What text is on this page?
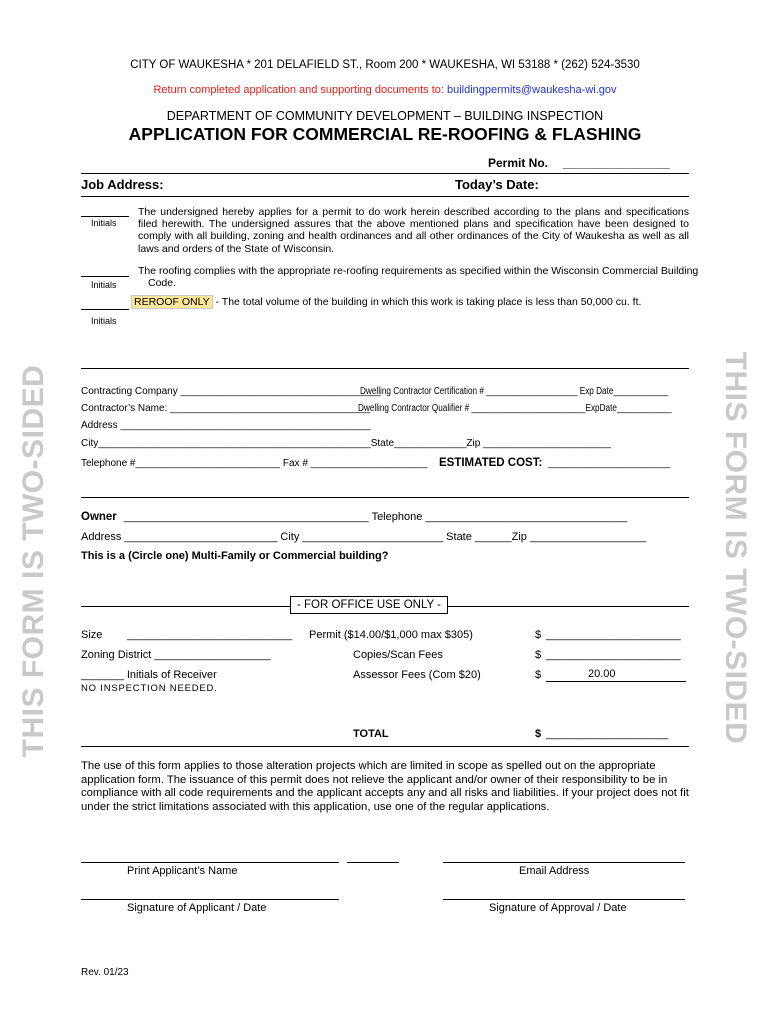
CITY OF WAUKESHA * 201 DELAFIELD ST., Room 200 * WAUKESHA, WI 53188 * (262) 524-3530
Return completed application and supporting documents to: buildingpermits@waukesha-wi.gov
DEPARTMENT OF COMMUNITY DEVELOPMENT – BUILDING INSPECTION
APPLICATION FOR COMMERCIAL RE-ROOFING & FLASHING
Permit No. ________________
Job Address:	Today’s Date:
Initials
The undersigned hereby applies for a permit to do work herein described according to the plans and specifications filed herewith. The undersigned assures that the above mentioned plans and specification have been designed to comply with all building, zoning and health ordinances and all other ordinances of the City of Waukesha as well as all laws and orders of the State of Wisconsin.
Initials
The roofing complies with the appropriate re-roofing requirements as specified within the Wisconsin Commercial Building
Code.
REROOF ONLY - The total volume of the building in which this work is taking place is less than 50,000 cu. ft.
Initials
THIS FORM IS TWO-SIDED	THIS FORM IS TWO-SIDED
Contracting Company ____________________________________
Dwelling Contractor Certification # ____________________ Exp Date____________
Contractor’s Name: ____________________________________
Dwelling Contractor Qualifier # _________________________ExpDate____________
Address _____________________________________________
City_________________________________________________State_____________Zip _______________________
Telephone #__________________________ Fax # _____________________ ESTIMATED COST: ______________________
Owner ________________________________________ Telephone _________________________________
Address _________________________ City _______________________ State ______Zip ___________________
This is a (Circle one) Multi-Family or Commercial building?
- FOR OFFICE USE ONLY -
Size ___________________________ Permit ($14.00/$1,000 max $305)	$ ______________________
Zoning District ___________________	Copies/Scan Fees	$ ______________________
_______ Initials of Receiver	Assessor Fees (Com $20)	$	20.00
NO INSPECTION NEEDED.
TOTAL	$ ____________________
The use of this form applies to those alteration projects which are limited in scope as spelled out on the appropriate application form. The issuance of this permit does not relieve the applicant and/or owner of their responsibility to be in compliance with all code requirements and the applicant accepts any and all risks and liabilities. If your project does not fit under the strict limitations associated with this application, use one of the regular applications.
Print Applicant’s Name	Email Address
Signature of Applicant / Date	Signature of Approval / Date
Rev. 01/23
